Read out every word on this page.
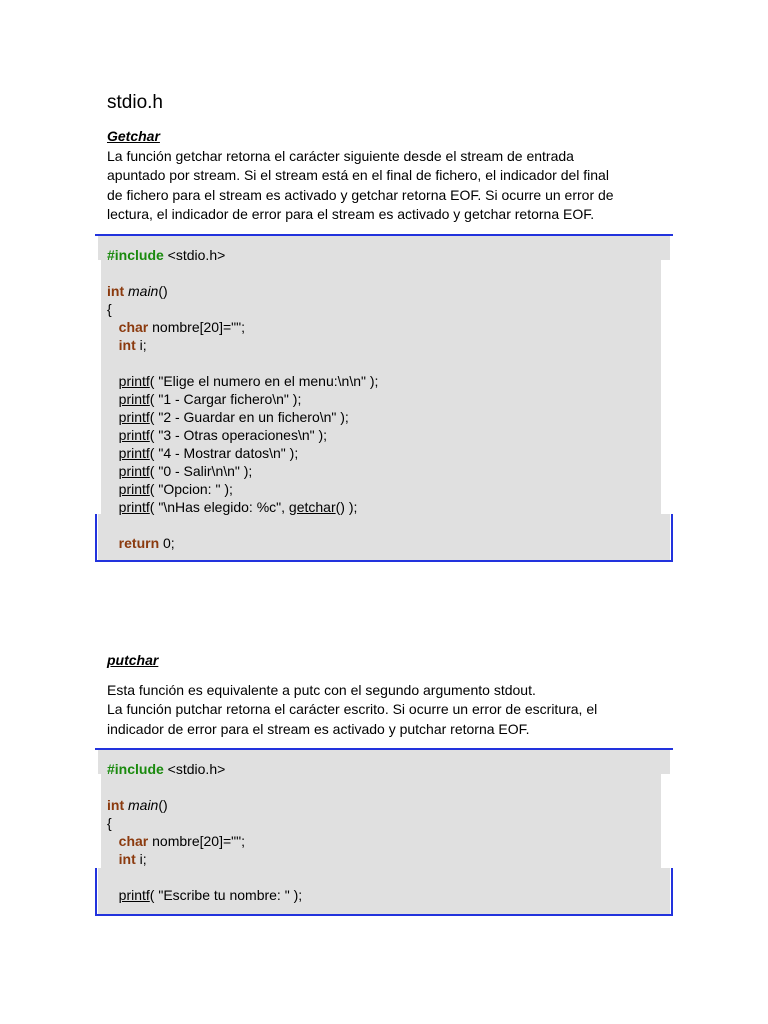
stdio.h
Getchar
La función getchar retorna el carácter siguiente desde el stream de entrada
apuntado por stream. Si el stream está en el final de fichero, el indicador del final
de fichero para el stream es activado y getchar retorna EOF. Si ocurre un error de
lectura, el indicador de error para el stream es activado y getchar retorna EOF.
#include <stdio.h>
int main()
{
char nombre[20]="";
int i;
printf( "Elige el numero en el menu:\n\n" );
printf( "1 - Cargar fichero\n" );
printf( "2 - Guardar en un fichero\n" );
printf( "3 - Otras operaciones\n" );
printf( "4 - Mostrar datos\n" );
printf( "0 - Salir\n\n" );
printf( "Opcion: " );
printf( "\nHas elegido: %c", getchar() );
return 0;
putchar
Esta función es equivalente a putc con el segundo argumento stdout.
La función putchar retorna el carácter escrito. Si ocurre un error de escritura, el
indicador de error para el stream es activado y putchar retorna EOF.
#include <stdio.h>
int main()
{
char nombre[20]="";
int i;
printf( "Escribe tu nombre: " );
